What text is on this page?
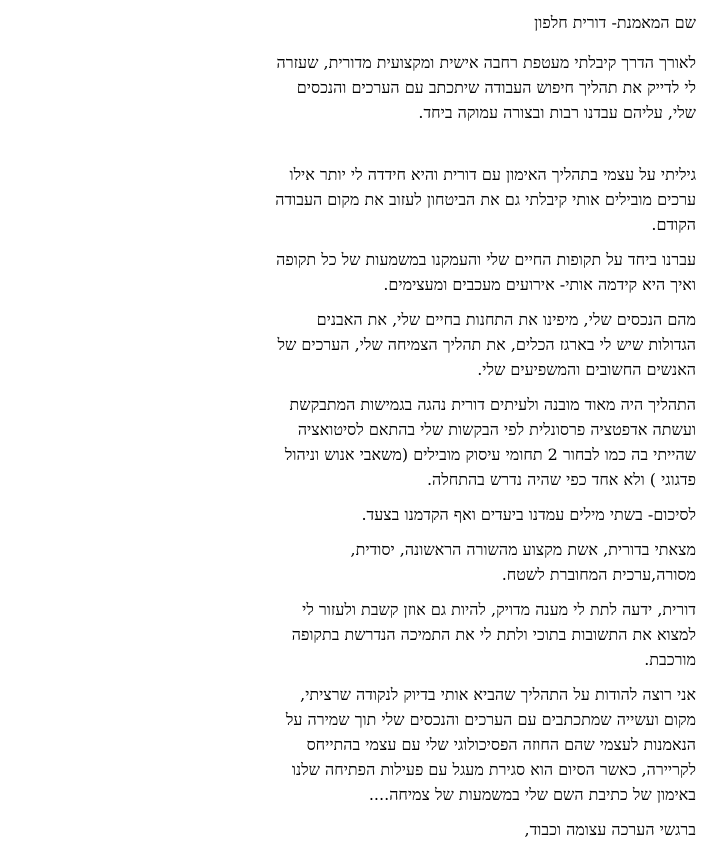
שם המאמנת- דורית חלפון
לאורך הדרך קיבלתי מעטפת רחבה אישית ומקצועית מדורית, שעזרה
לי לדייק את תהליך חיפוש העבודה שיתכתב עם הערכים והנכסים
שלי, עליהם עבדנו רבות ובצורה עמוקה ביחד.
גיליתי על עצמי בתהליך האימון עם דורית והיא חידדה לי יותר אילו
ערכים מובילים אותי קיבלתי גם את הביטחון לעזוב את מקום העבודה
הקודם.
עברנו ביחד על תקופות החיים שלי והעמקנו במשמעות של כל תקופה
ואיך היא קידמה אותי- אירועים מעכבים ומעצימים.
מהם הנכסים שלי, מיפינו את התחנות בחיים שלי, את האבנים
הגדולות שיש לי בארגז הכלים, את תהליך הצמיחה שלי, הערכים של
האנשים החשובים והמשפיעים שלי.
התהליך היה מאוד מובנה ולעיתים דורית נהגה בגמישות המתבקשת
ועשתה אדפטציה פרסונלית לפי הבקשות שלי בהתאם לסיטואציה
שהייתי בה כמו לבחור 2 תחומי עיסוק מובילים (משאבי אנוש וניהול
פדגוגי ) ולא אחד כפי שהיה נדרש בהתחלה.
לסיכום- בשתי מילים עמדנו ביעדים ואף הקדמנו בצעד.
מצאתי בדורית, אשת מקצוע מהשורה הראשונה, יסודית,
מסורה,ערכית המחוברת לשטח.
דורית, ידעה לתת לי מענה מדויק, להיות גם אוזן קשבת ולעזור לי
למצוא את התשובות בתוכי ולתת לי את התמיכה הנדרשת בתקופה
מורכבת.
אני רוצה להודות על התהליך שהביא אותי בדיוק לנקודה שרציתי,
מקום ועשייה שמתכתבים עם הערכים והנכסים שלי תוך שמירה על
הנאמנות לעצמי שהם החוזה הפסיכולוגי שלי עם עצמי בהתייחס
לקריירה, כאשר הסיום הוא סגירת מעגל עם פעילות הפתיחה שלנו
באימון של כתיבת השם שלי במשמעות של צמיחה....
ברגשי הערכה עצומה וכבוד,
